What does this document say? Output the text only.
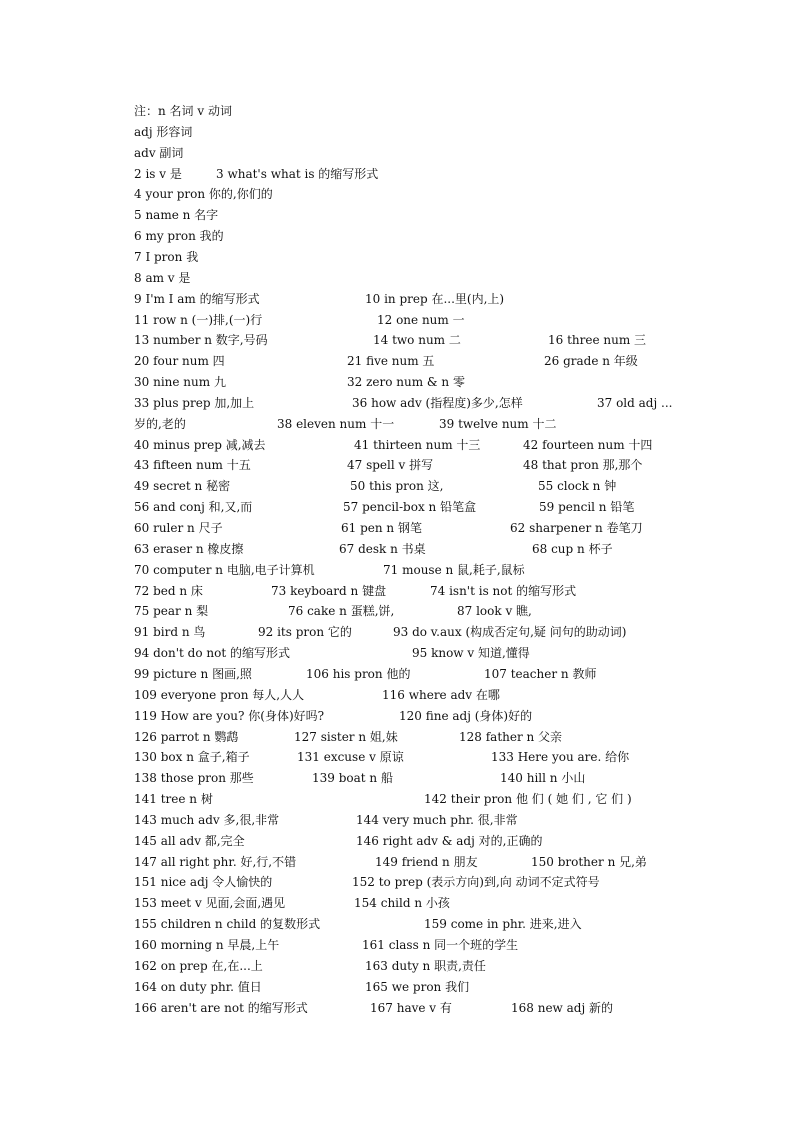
注：n 名词 v 动词
adj 形容词
adv 副词
2 is v 是	3 what's what is 的缩写形式
4 your pron 你的,你们的
5 name n 名字
6 my pron 我的
7 I pron 我
8 am v 是
9 I'm I am 的缩写形式	10 in prep 在...里(内,上)
11 row n (一)排,(一)行	12 one num 一
13 number n 数字,号码	14 two num 二	16 three num 三
20 four num 四	21 five num 五	26 grade n 年级
30 nine num 九	32 zero num & n 零
33 plus prep 加,加上	36 how adv (指程度)多少,怎样	37 old adj ...
岁的,老的	38 eleven num 十一	39 twelve num 十二
40 minus prep 减,减去	41 thirteen num 十三	42 fourteen num 十四
43 fifteen num 十五	47 spell v 拼写	48 that pron 那,那个
49 secret n 秘密	50 this pron 这,	55 clock n 钟
56 and conj 和,又,而	57 pencil-box n 铅笔盒	59 pencil n 铅笔
60 ruler n 尺子	61 pen n 钢笔	62 sharpener n 卷笔刀
63 eraser n 橡皮擦	67 desk n 书桌	68 cup n 杯子
70 computer n 电脑,电子计算机	71 mouse n 鼠,耗子,鼠标
72 bed n 床	73 keyboard n 键盘	74 isn't is not 的缩写形式
75 pear n 梨	76 cake n 蛋糕,饼,	87 look v 瞧,
91 bird n 鸟	92 its pron 它的	93 do v.aux (构成否定句,疑 问句的助动词)
94 don't do not 的缩写形式	95 know v 知道,懂得
99 picture n 图画,照	106 his pron 他的	107 teacher n 教师
109 everyone pron 每人,人人	116 where adv 在哪
119 How are you? 你(身体)好吗?	120 fine adj (身体)好的
126 parrot n 鹦鹉	127 sister n 姐,妹	128 father n 父亲
130 box n 盒子,箱子	131 excuse v 原谅	133 Here you are. 给你
138 those pron 那些	139 boat n 船	140 hill n 小山
141 tree n 树	142 their pron 他 们 ( 她 们 , 它 们 )
143 much adv 多,很,非常	144 very much phr. 很,非常
145 all adv 都,完全	146 right adv & adj 对的,正确的
147 all right phr. 好,行,不错	149 friend n 朋友	150 brother n 兄,弟
151 nice adj 令人愉快的	152 to prep (表示方向)到,向 动词不定式符号
153 meet v 见面,会面,遇见	154 child n 小孩
155 children n child 的复数形式	159 come in phr. 进来,进入
160 morning n 早晨,上午	161 class n 同一个班的学生
162 on prep 在,在...上	163 duty n 职责,责任
164 on duty phr. 值日	165 we pron 我们
166 aren't are not 的缩写形式	167 have v 有	168 new adj 新的
